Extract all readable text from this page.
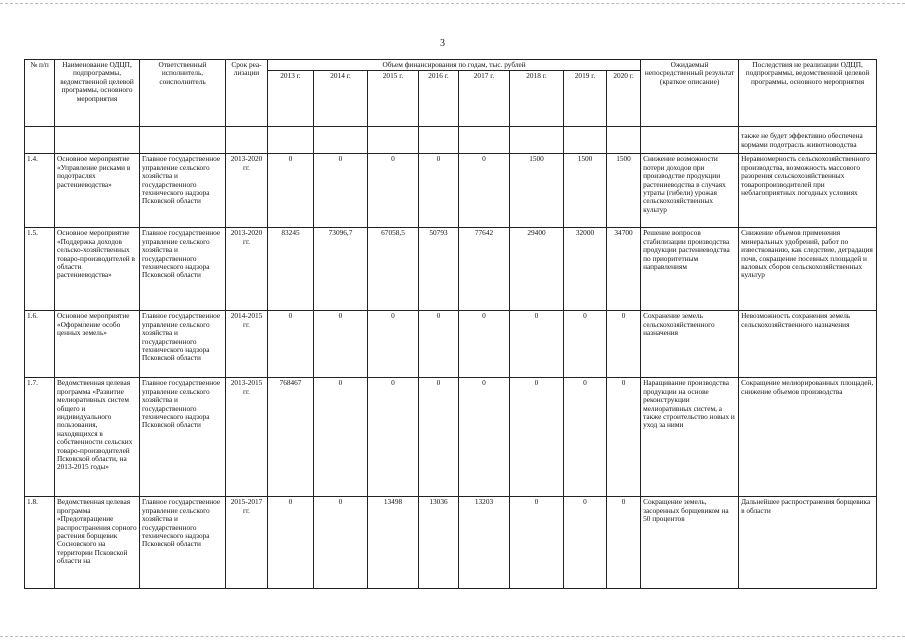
3
№ п/п	Наименование ОДЦП, подпрограммы, ведомственной целевой программы, основного мероприятия	Ответственный исполнитель, соисполнитель	Срок реа-лизации	Объем финансирования по годам, тыс. рублей								Ожидаемый непосредственный результат (краткое описание)	Последствия не реализации ОДЦП, подпрограммы, ведомственной целевой программы, основного мероприятия
				2013 г.	2014 г.	2015 г.	2016 г.	2017 г.	2018 г.	2019 г.	2020 г.		
													также не будет эффективно обеспечена кормами подотрасль животноводства
1.4.	Основное мероприятие «Управление рисками в подотраслях растениеводства»	Главное государственное управление сельского хозяйства и государственного технического надзора Псковской области	2013-2020 гг.	0	0	0	0	0	1500	1500	1500	Снижение возможности потери доходов при производстве продукции растениеводства в случаях утраты (гибели) урожая сельскохозяйственных культур	Неравномерность сельскохозяйственного производства, возможность массового разорения сельскохозяйственных товаропроизводителей при неблагоприятных погодных условиях
1.5.	Основное мероприятие «Поддержка доходов сельско-хозяйственных товаро-производителей в области растениеводства»	Главное государственное управление сельского хозяйства и государственного технического надзора Псковской области	2013-2020 гг.	83245	73096,7	67058,5	50793	77642	29400	32000	34700	Решение вопросов стабилизации производства продукции растениеводства по приоритетным направлениям	Снижение объемов применения минеральных удобрений, работ по известкованию, как следствие, деградация почв, сокращение посевных площадей и валовых сборов сельскохозяйственных культур
1.6.	Основное мероприятие «Оформление особо ценных земель»	Главное государственное управление сельского хозяйства и государственного технического надзора Псковской области	2014-2015 гг.	0	0	0	0	0	0	0	0	Сохранение земель сельскохозяйственного назначения	Невозможность сохранения земель сельскохозяйственного назначения
1.7.	Ведомственная целевая программа «Развитие мелиоративных систем общего и индивидуального пользования, находящихся в собственности сельских товаро-производителей Псковской области, на 2013-2015 годы»	Главное государственное управление сельского хозяйства и государственного технического надзора Псковской области	2013-2015 гг.	768467	0	0	0	0	0	0	0	Наращивание производства продукции на основе реконструкции мелиоративных систем, а также строительство новых и уход за ними	Сокращение мелиорированных площадей, снижение объемов производства
1.8.	Ведомственная целевая программа «Предотвращение распространения сорного растения борщевик Сосновского на территории Псковской области на	Главное государственное управление сельского хозяйства и государственного технического надзора Псковской области	2015-2017 гг.	0	0	13498	13036	13203	0	0	0	Сокращение земель, засоренных борщевиком на 50 процентов	Дальнейшее распространения борщевика в области
